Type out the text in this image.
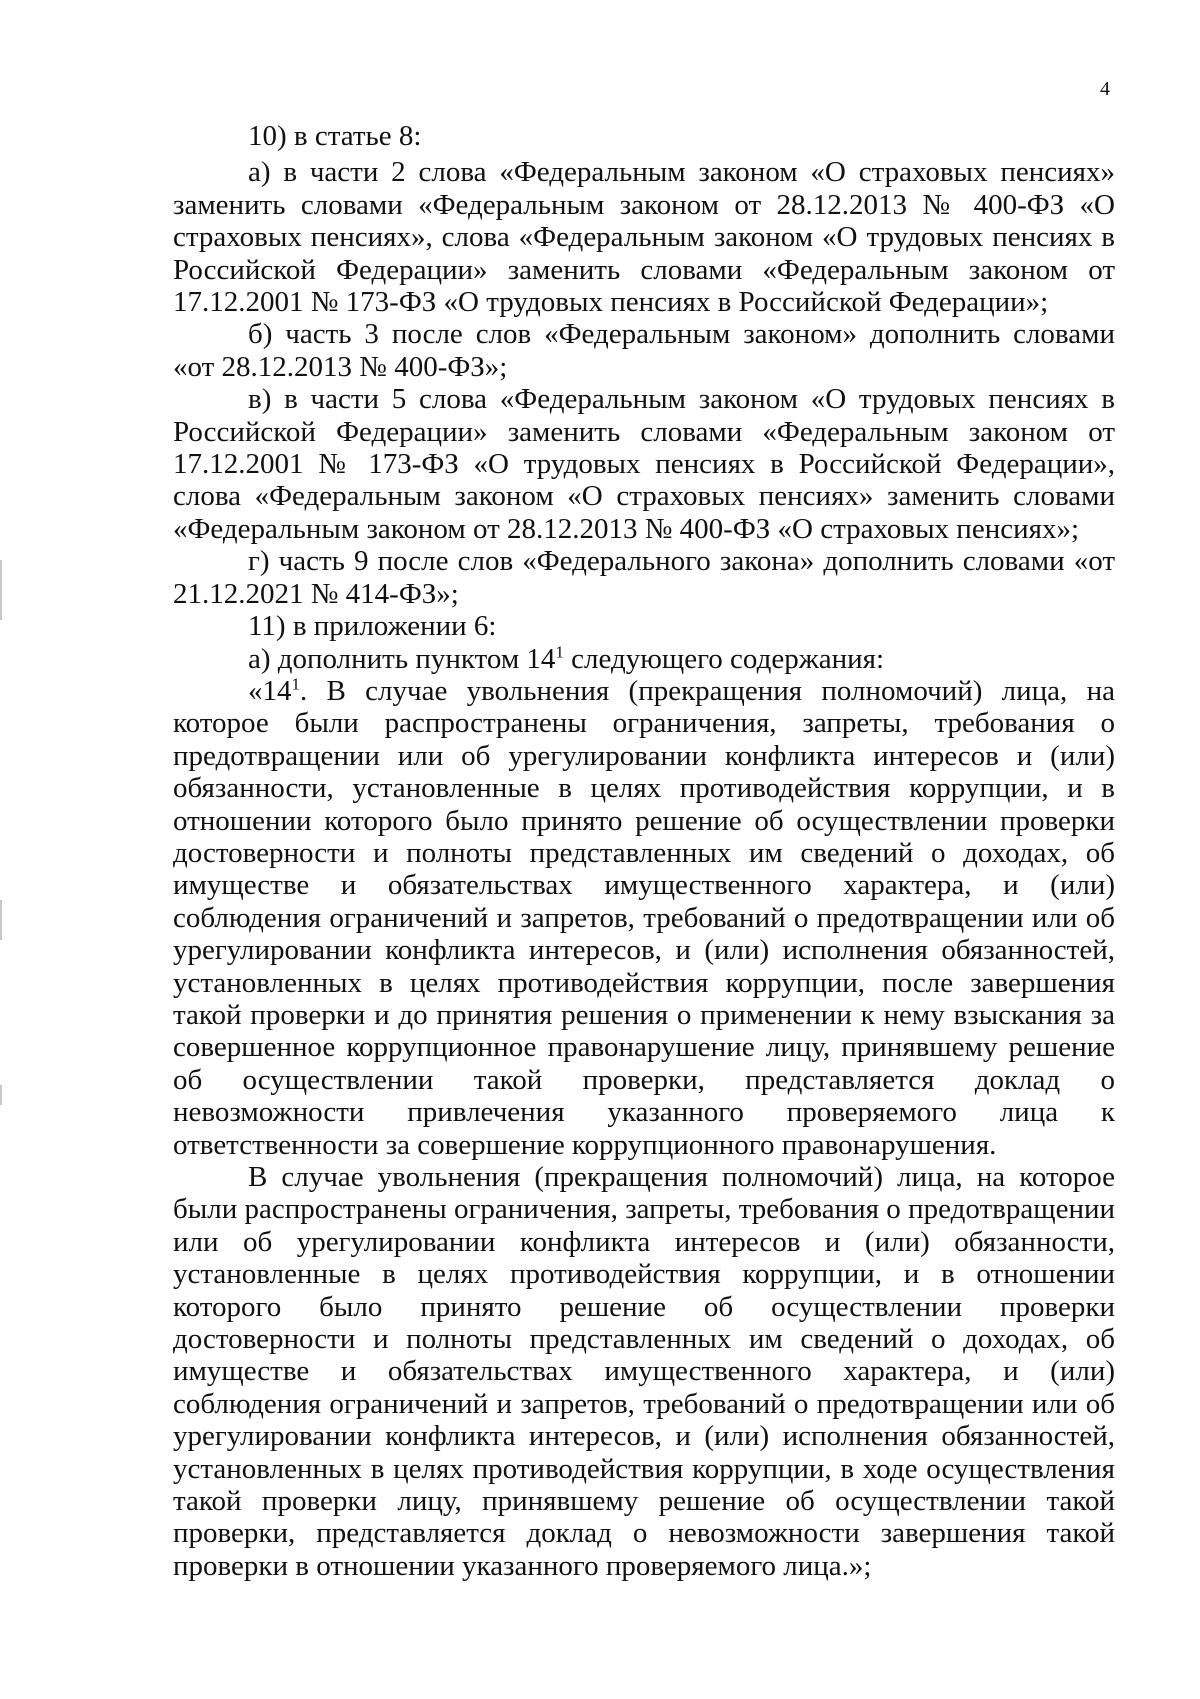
4

10) в статье 8:

а) в части 2 слова «Федеральным законом «О страховых пенсиях» заменить словами «Федеральным законом от 28.12.2013 № 400-ФЗ «О страховых пенсиях», слова «Федеральным законом «О трудовых пенсиях в Российской Федерации» заменить словами «Федеральным законом от 17.12.2001 № 173-ФЗ «О трудовых пенсиях в Российской Федерации»;

б) часть 3 после слов «Федеральным законом» дополнить словами «от 28.12.2013 № 400-ФЗ»;

в) в части 5 слова «Федеральным законом «О трудовых пенсиях в Российской Федерации» заменить словами «Федеральным законом от 17.12.2001 № 173-ФЗ «О трудовых пенсиях в Российской Федерации», слова «Федеральным законом «О страховых пенсиях» заменить словами «Федеральным законом от 28.12.2013 № 400-ФЗ «О страховых пенсиях»;

г) часть 9 после слов «Федерального закона» дополнить словами «от 21.12.2021 № 414-ФЗ»;

11) в приложении 6:

а) дополнить пунктом $14^1$ следующего содержания:

«$14^1$. В случае увольнения (прекращения полномочий) лица, на которое были распространены ограничения, запреты, требования о предотвращении или об урегулировании конфликта интересов и (или) обязанности, установленные в целях противодействия коррупции, и в отношении которого было принято решение об осуществлении проверки достоверности и полноты представленных им сведений о доходах, об имуществе и обязательствах имущественного характера, и (или) соблюдения ограничений и запретов, требований о предотвращении или об урегулировании конфликта интересов, и (или) исполнения обязанностей, установленных в целях противодействия коррупции, после завершения такой проверки и до принятия решения о применении к нему взыскания за совершенное коррупционное правонарушение лицу, принявшему решение об осуществлении такой проверки, представляется доклад о невозможности привлечения указанного проверяемого лица к ответственности за совершение коррупционного правонарушения.

В случае увольнения (прекращения полномочий) лица, на которое были распространены ограничения, запреты, требования о предотвращении или об урегулировании конфликта интересов и (или) обязанности, установленные в целях противодействия коррупции, и в отношении которого было принято решение об осуществлении проверки достоверности и полноты представленных им сведений о доходах, об имуществе и обязательствах имущественного характера, и (или) соблюдения ограничений и запретов, требований о предотвращении или об урегулировании конфликта интересов, и (или) исполнения обязанностей, установленных в целях противодействия коррупции, в ходе осуществления такой проверки лицу, принявшему решение об осуществлении такой проверки, представляется доклад о невозможности завершения такой проверки в отношении указанного проверяемого лица.»;
